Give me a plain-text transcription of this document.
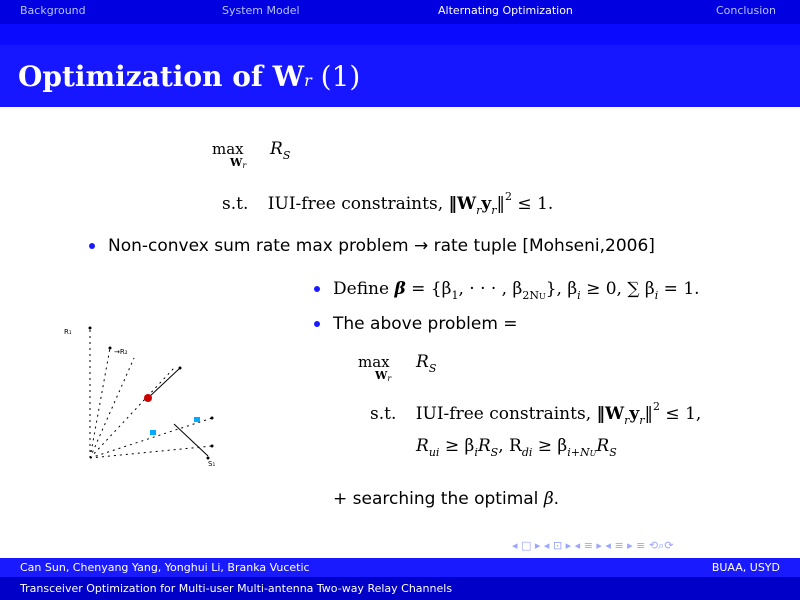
Background	System Model	Alternating Optimization	Conclusion
Optimization of Wr (1)
max
Wr
$R_S$
s.t. IUI-free constraints, $‖W_ry_r‖^2 \le 1$.
Non-convex sum rate max problem → rate tuple [Mohseni,2006]
Define $\beta = \{\beta_1$, · · · , $\beta_{2NU}$}, $\beta_i \ge 0$, ∑ $\beta_i = 1$.
The above problem =
max
Wr
$R_S$
s.t. IUI-free constraints, $‖W_ry_r‖^2 \le 1$,
$R_{ui} \ge \beta_iR_S$, $R_{di} \ge \beta_{i+NU}R_S$
+ searching the optimal β.
R₁
→R₂
S₁
◂ □ ▸ ◂ ⊡ ▸ ◂ ≡ ▸ ◂ ≡ ▸ ≡ ⟲⌕⟳
Can Sun, Chenyang Yang, Yonghui Li, Branka Vucetic	BUAA, USYD
Transceiver Optimization for Multi-user Multi-antenna Two-way Relay Channels
